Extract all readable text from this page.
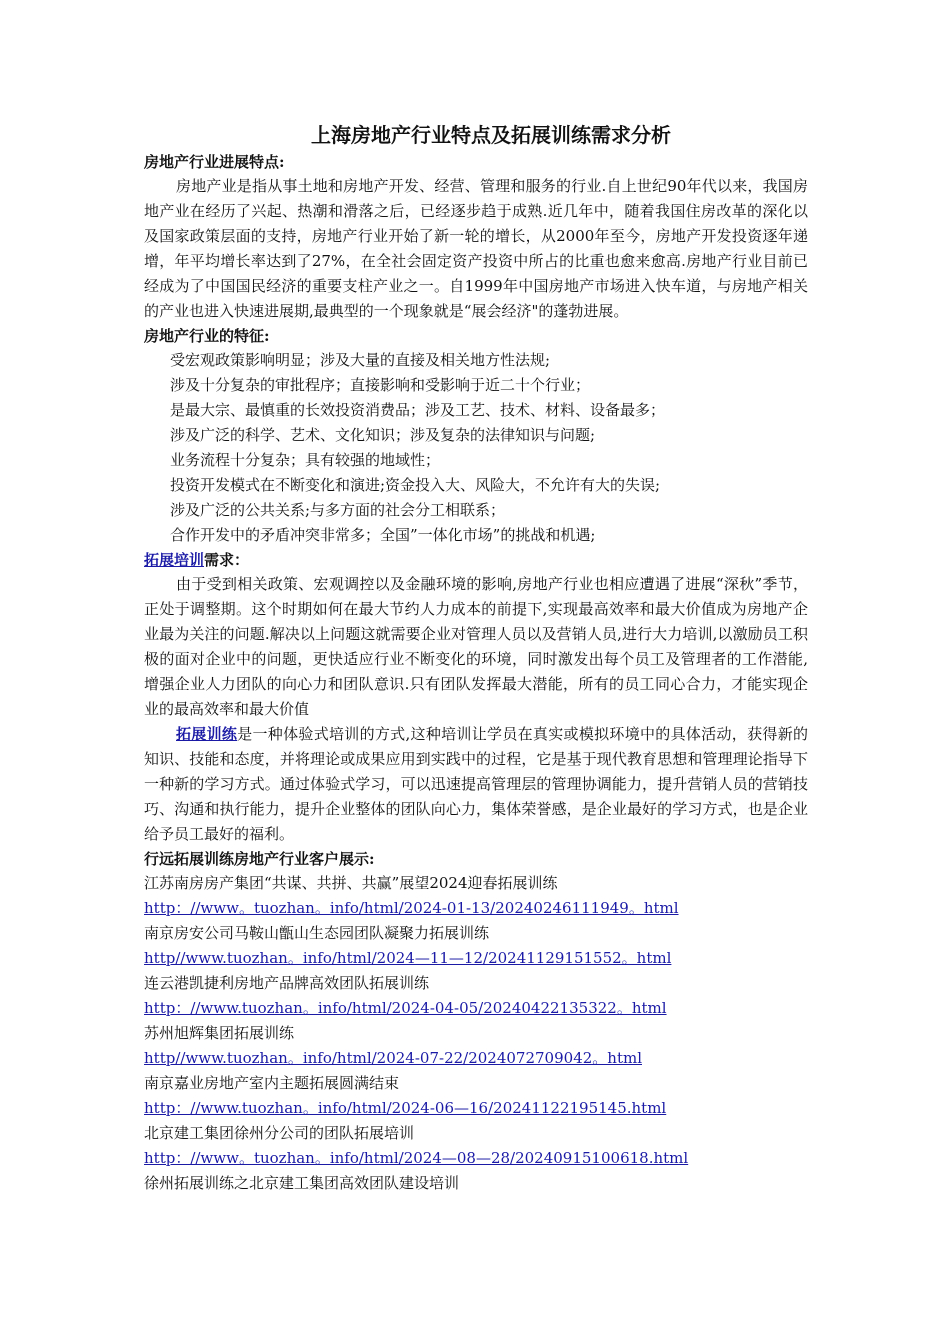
上海房地产行业特点及拓展训练需求分析

房地产行业进展特点:

房地产业是指从事土地和房地产开发、经营、管理和服务的行业.自上世纪90年代以来，我国房地产业在经历了兴起、热潮和滑落之后，已经逐步趋于成熟.近几年中，随着我国住房改革的深化以及国家政策层面的支持，房地产行业开始了新一轮的增长，从2000年至今，房地产开发投资逐年递增，年平均增长率达到了27%，在全社会固定资产投资中所占的比重也愈来愈高.房地产行业目前已经成为了中国国民经济的重要支柱产业之一。自1999年中国房地产市场进入快车道，与房地产相关的产业也进入快速进展期,最典型的一个现象就是“展会经济"的蓬勃进展。

房地产行业的特征:

受宏观政策影响明显；涉及大量的直接及相关地方性法规;

涉及十分复杂的审批程序；直接影响和受影响于近二十个行业；

是最大宗、最慎重的长效投资消费品；涉及工艺、技术、材料、设备最多；

涉及广泛的科学、艺术、文化知识；涉及复杂的法律知识与问题;

业务流程十分复杂；具有较强的地域性；

投资开发模式在不断变化和演进;资金投入大、风险大，不允许有大的失误;

涉及广泛的公共关系;与多方面的社会分工相联系；

合作开发中的矛盾冲突非常多；全国”一体化市场”的挑战和机遇;

拓展培训需求：

由于受到相关政策、宏观调控以及金融环境的影响,房地产行业也相应遭遇了进展“深秋”季节，正处于调整期。这个时期如何在最大节约人力成本的前提下,实现最高效率和最大价值成为房地产企业最为关注的问题.解决以上问题这就需要企业对管理人员以及营销人员,进行大力培训,以激励员工积极的面对企业中的问题，更快适应行业不断变化的环境，同时激发出每个员工及管理者的工作潜能,增强企业人力团队的向心力和团队意识.只有团队发挥最大潜能，所有的员工同心合力，才能实现企业的最高效率和最大价值

拓展训练是一种体验式培训的方式,这种培训让学员在真实或模拟环境中的具体活动，获得新的知识、技能和态度，并将理论或成果应用到实践中的过程，它是基于现代教育思想和管理理论指导下一种新的学习方式。通过体验式学习，可以迅速提高管理层的管理协调能力，提升营销人员的营销技巧、沟通和执行能力，提升企业整体的团队向心力，集体荣誉感，是企业最好的学习方式，也是企业给予员工最好的福利。

行远拓展训练房地产行业客户展示:

江苏南房房产集团“共谋、共拼、共赢”展望2024迎春拓展训练

http：//www。tuozhan。info/html/2024-01-13/20240246111949。html

南京房安公司马鞍山甑山生态园团队凝聚力拓展训练

http//www.tuozhan。info/html/2024—11—12/20241129151552。html

连云港凯捷利房地产品牌高效团队拓展训练

http：//www.tuozhan。info/html/2024-04-05/20240422135322。html

苏州旭辉集团拓展训练

http//www.tuozhan。info/html/2024-07-22/2024072709042。html

南京嘉业房地产室内主题拓展圆满结束

http：//www.tuozhan。info/html/2024-06—16/20241122195145.html

北京建工集团徐州分公司的团队拓展培训

http：//www。tuozhan。info/html/2024—08—28/20240915100618.html

徐州拓展训练之北京建工集团高效团队建设培训
